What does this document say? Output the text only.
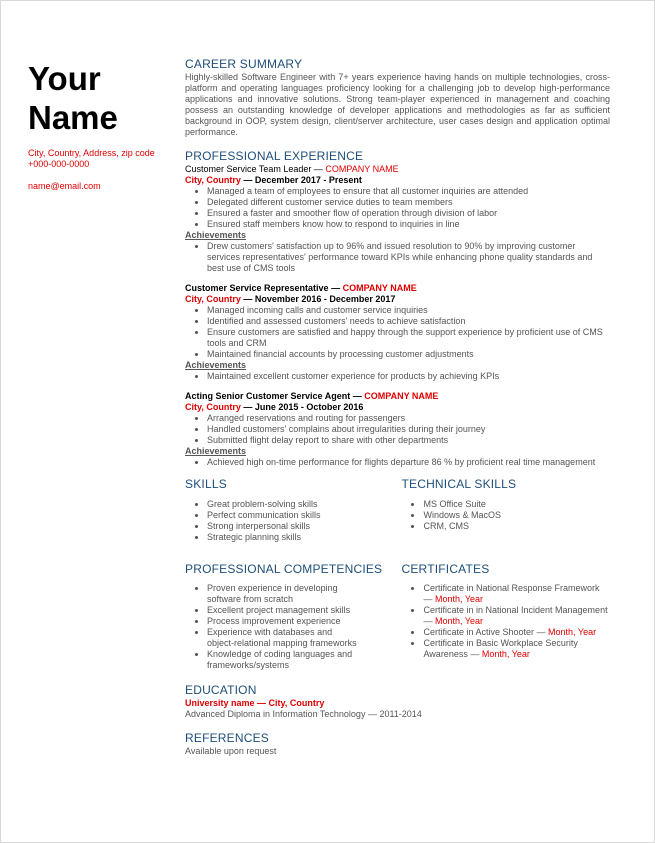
Your
Name
City, Country, Address, zip code
+000-000-0000
name@email.com
CAREER SUMMARY
Highly-skilled Software Engineer with 7+ years experience having hands on multiple technologies, cross-platform and operating languages proficiency looking for a challenging job to develop high-performance applications and innovative solutions. Strong team-player experienced in management and coaching possess an outstanding knowledge of developer applications and methodologies as far as sufficient background in OOP, system design, client/server architecture, user cases design and application optimal performance.
PROFESSIONAL EXPERIENCE
Customer Service Team Leader — COMPANY NAME
City, Country — December 2017 - Present
• Managed a team of employees to ensure that all customer inquiries are attended
• Delegated different customer service duties to team members
• Ensured a faster and smoother flow of operation through division of labor
• Ensured staff members know how to respond to inquiries in line
Achievements
• Drew customers' satisfaction up to 96% and issued resolution to 90% by improving customer services representatives' performance toward KPIs while enhancing phone quality standards and best use of CMS tools
Customer Service Representative — COMPANY NAME
City, Country — November 2016 - December 2017
• Managed incoming calls and customer service inquiries
• Identified and assessed customers' needs to achieve satisfaction
• Ensure customers are satisfied and happy through the support experience by proficient use of CMS tools and CRM
• Maintained financial accounts by processing customer adjustments
Achievements
• Maintained excellent customer experience for products by achieving KPIs
Acting Senior Customer Service Agent — COMPANY NAME
City, Country — June 2015 - October 2016
• Arranged reservations and routing for passengers
• Handled customers' complains about irregularities during their journey
• Submitted flight delay report to share with other departments
Achievements
• Achieved high on-time performance for flights departure 86 % by proficient real time management
SKILLS
• Great problem-solving skills
• Perfect communication skills
• Strong interpersonal skills
• Strategic planning skills
TECHNICAL SKILLS
• MS Office Suite
• Windows & MacOS
• CRM, CMS
PROFESSIONAL COMPETENCIES
• Proven experience in developing software from scratch
• Excellent project management skills
• Process improvement experience
• Experience with databases and object-relational mapping frameworks
• Knowledge of coding languages and frameworks/systems
CERTIFICATES
• Certificate in National Response Framework — Month, Year
• Certificate in in National Incident Management — Month, Year
• Certificate in Active Shooter — Month, Year
• Certificate in Basic Workplace Security Awareness — Month, Year
EDUCATION
University name — City, Country
Advanced Diploma in Information Technology — 2011-2014
REFERENCES
Available upon request
